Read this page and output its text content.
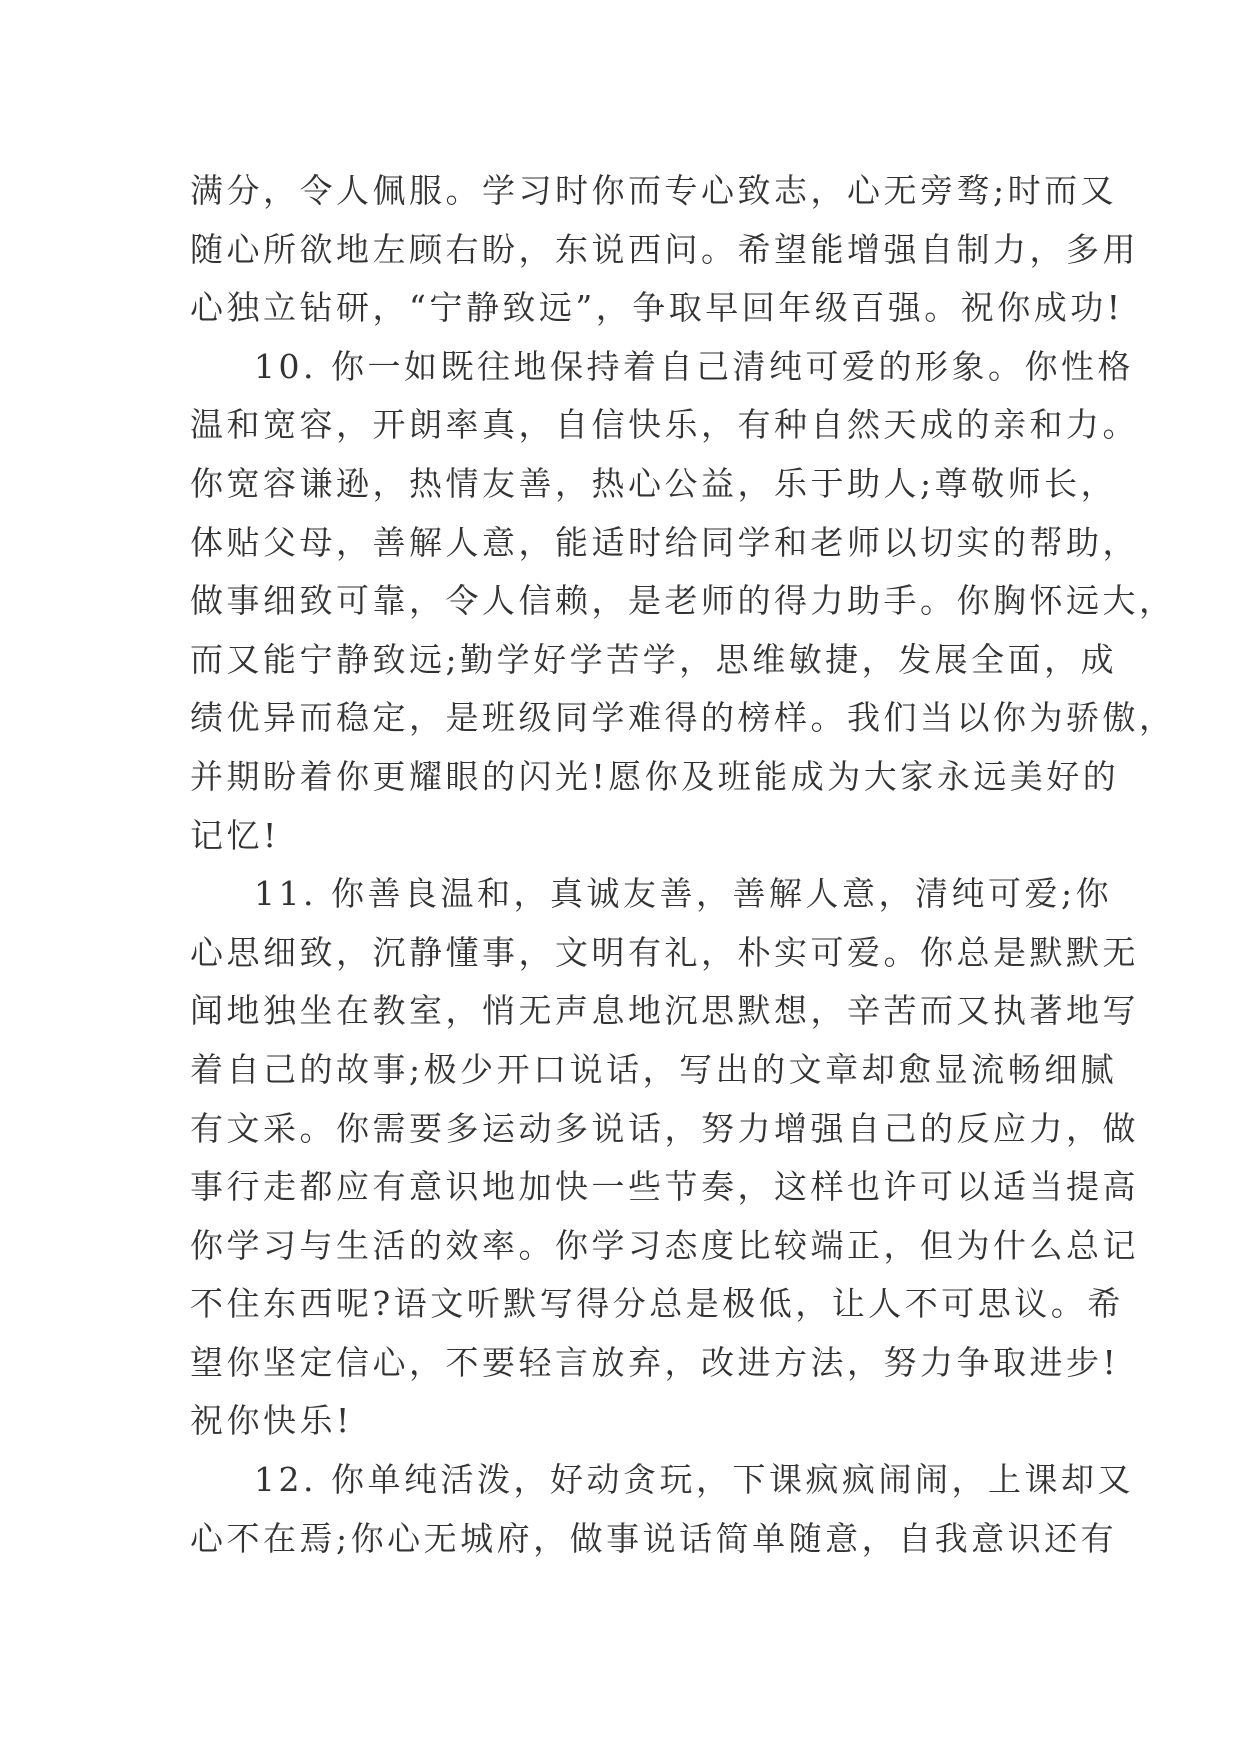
满分，令人佩服。学习时你而专心致志，心无旁骛;时而又
随心所欲地左顾右盼，东说西问。希望能增强自制力，多用
心独立钻研，“宁静致远”，争取早回年级百强。祝你成功!
10. 你一如既往地保持着自己清纯可爱的形象。你性格
温和宽容，开朗率真，自信快乐，有种自然天成的亲和力。
你宽容谦逊，热情友善，热心公益，乐于助人;尊敬师长，
体贴父母，善解人意，能适时给同学和老师以切实的帮助，
做事细致可靠，令人信赖，是老师的得力助手。你胸怀远大，
而又能宁静致远;勤学好学苦学，思维敏捷，发展全面，成
绩优异而稳定，是班级同学难得的榜样。我们当以你为骄傲，
并期盼着你更耀眼的闪光!愿你及班能成为大家永远美好的
记忆!
11. 你善良温和，真诚友善，善解人意，清纯可爱;你
心思细致，沉静懂事，文明有礼，朴实可爱。你总是默默无
闻地独坐在教室，悄无声息地沉思默想，辛苦而又执著地写
着自己的故事;极少开口说话，写出的文章却愈显流畅细腻
有文采。你需要多运动多说话，努力增强自己的反应力，做
事行走都应有意识地加快一些节奏，这样也许可以适当提高
你学习与生活的效率。你学习态度比较端正，但为什么总记
不住东西呢?语文听默写得分总是极低，让人不可思议。希
望你坚定信心，不要轻言放弃，改进方法，努力争取进步!
祝你快乐!
12. 你单纯活泼，好动贪玩，下课疯疯闹闹，上课却又
心不在焉;你心无城府，做事说话简单随意，自我意识还有
